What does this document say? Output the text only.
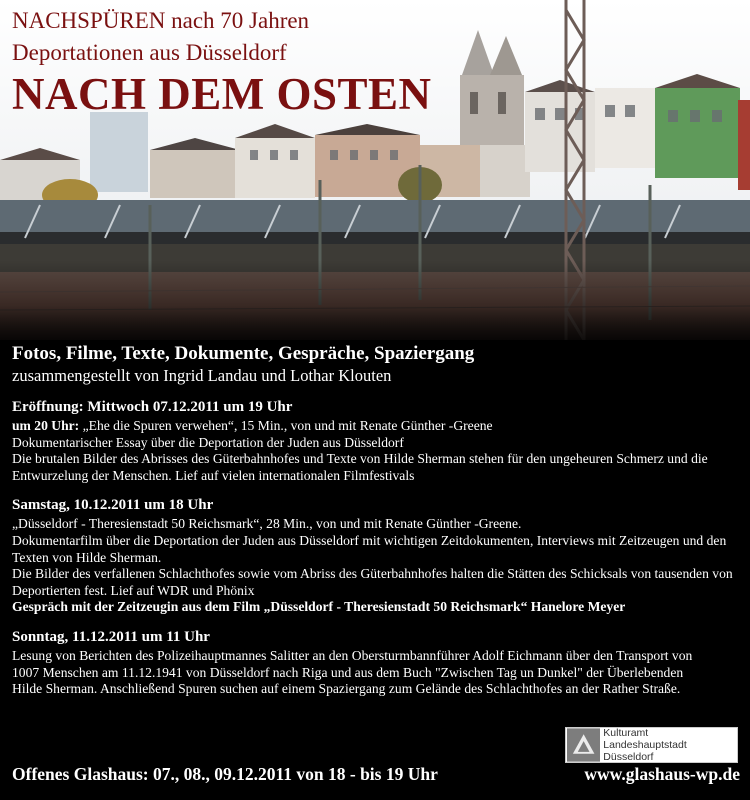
NACHSPÜREN nach 70 Jahren

Deportationen aus Düsseldorf

NACH DEM OSTEN

Fotos, Filme, Texte, Dokumente, Gespräche, Spaziergang

zusammengestellt von Ingrid Landau und Lothar Klouten

Eröffnung: Mittwoch 07.12.2011 um 19 Uhr

um 20 Uhr: „Ehe die Spuren verwehen“, 15 Min., von und mit Renate Günther -Greene

Dokumentarischer Essay über die Deportation der Juden aus Düsseldorf

Die brutalen Bilder des Abrisses des Güterbahnhofes und Texte von Hilde Sherman stehen für den ungeheuren Schmerz und die Entwurzelung der Menschen. Lief auf vielen internationalen Filmfestivals

Samstag, 10.12.2011 um 18 Uhr

„Düsseldorf - Theresienstadt 50 Reichsmark“, 28 Min., von und mit Renate Günther -Greene.

Dokumentarfilm über die Deportation der Juden aus Düsseldorf mit wichtigen Zeitdokumenten, Interviews mit Zeitzeugen und den Texten von Hilde Sherman.

Die Bilder des verfallenen Schlachthofes sowie vom Abriss des Güterbahnhofes halten die Stätten des Schicksals von tausenden von Deportierten fest. Lief auf WDR und Phönix

Gespräch mit der Zeitzeugin aus dem Film „Düsseldorf - Theresienstadt 50 Reichsmark“ Hanelore Meyer

Sonntag, 11.12.2011 um 11 Uhr

Lesung von Berichten des Polizeihauptmannes Salitter an den Obersturmbannführer Adolf Eichmann über den Transport von 1007 Menschen am 11.12.1941 von Düsseldorf nach Riga und aus dem Buch "Zwischen Tag un Dunkel" der Überlebenden Hilde Sherman. Anschließend Spuren suchen auf einem Spaziergang zum Gelände des Schlachthofes an der Rather Straße.

Kulturamt
Landeshauptstadt Düsseldorf
Offenes Glashaus: 07., 08., 09.12.2011 von 18 - bis 19 Uhr	www.glashaus-wp.de
